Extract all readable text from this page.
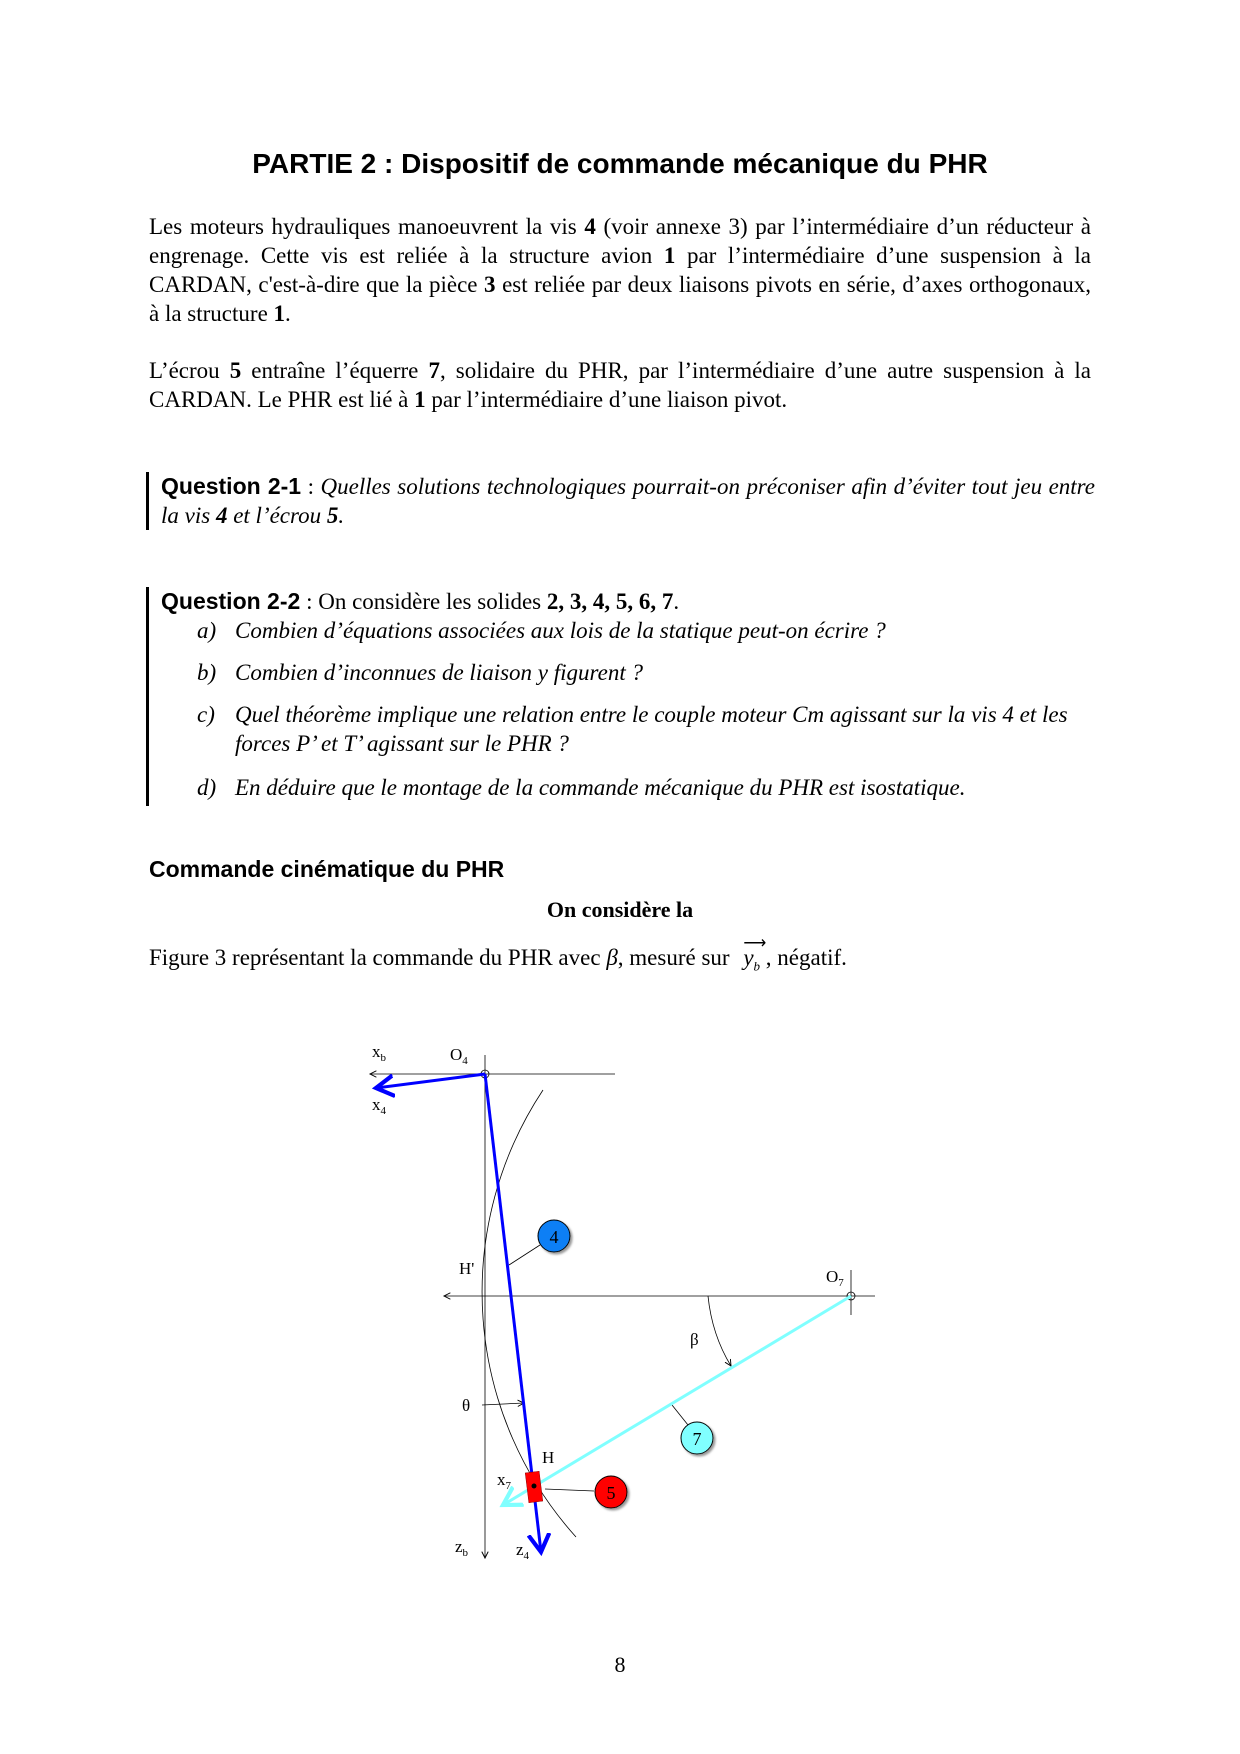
PARTIE 2 : Dispositif de commande mécanique du PHR
Les moteurs hydrauliques manoeuvrent la vis 4 (voir annexe 3) par l’intermédiaire d’un réducteur à engrenage. Cette vis est reliée à la structure avion 1 par l’intermédiaire d’une suspension à la CARDAN, c'est-à-dire que la pièce 3 est reliée par deux liaisons pivots en série, d’axes orthogonaux, à la structure 1.
L’écrou 5 entraîne l’équerre 7, solidaire du PHR, par l’intermédiaire d’une autre suspension à la CARDAN. Le PHR est lié à 1 par l’intermédiaire d’une liaison pivot.
Question 2-1 : Quelles solutions technologiques pourrait-on préconiser afin d’éviter tout jeu entre la vis 4 et l’écrou 5.
Question 2-2 : On considère les solides 2, 3, 4, 5, 6, 7.
a) Combien d’équations associées aux lois de la statique peut-on écrire ?
b) Combien d’inconnues de liaison y figurent ?
c) Quel théorème implique une relation entre le couple moteur Cm agissant sur la vis 4 et les forces P’ et T’ agissant sur le PHR ?
d) En déduire que le montage de la commande mécanique du PHR est isostatique.
Commande cinématique du PHR
On considère la
Figure 3 représentant la commande du PHR avec β, mesuré sur
⟶
$y_b$ , négatif.
4
7
5
$O_4$
$x_b$
$x_4$
H'	$O_7$
β
θ
H
$x_7$
$z_b$	$z_4$
8
